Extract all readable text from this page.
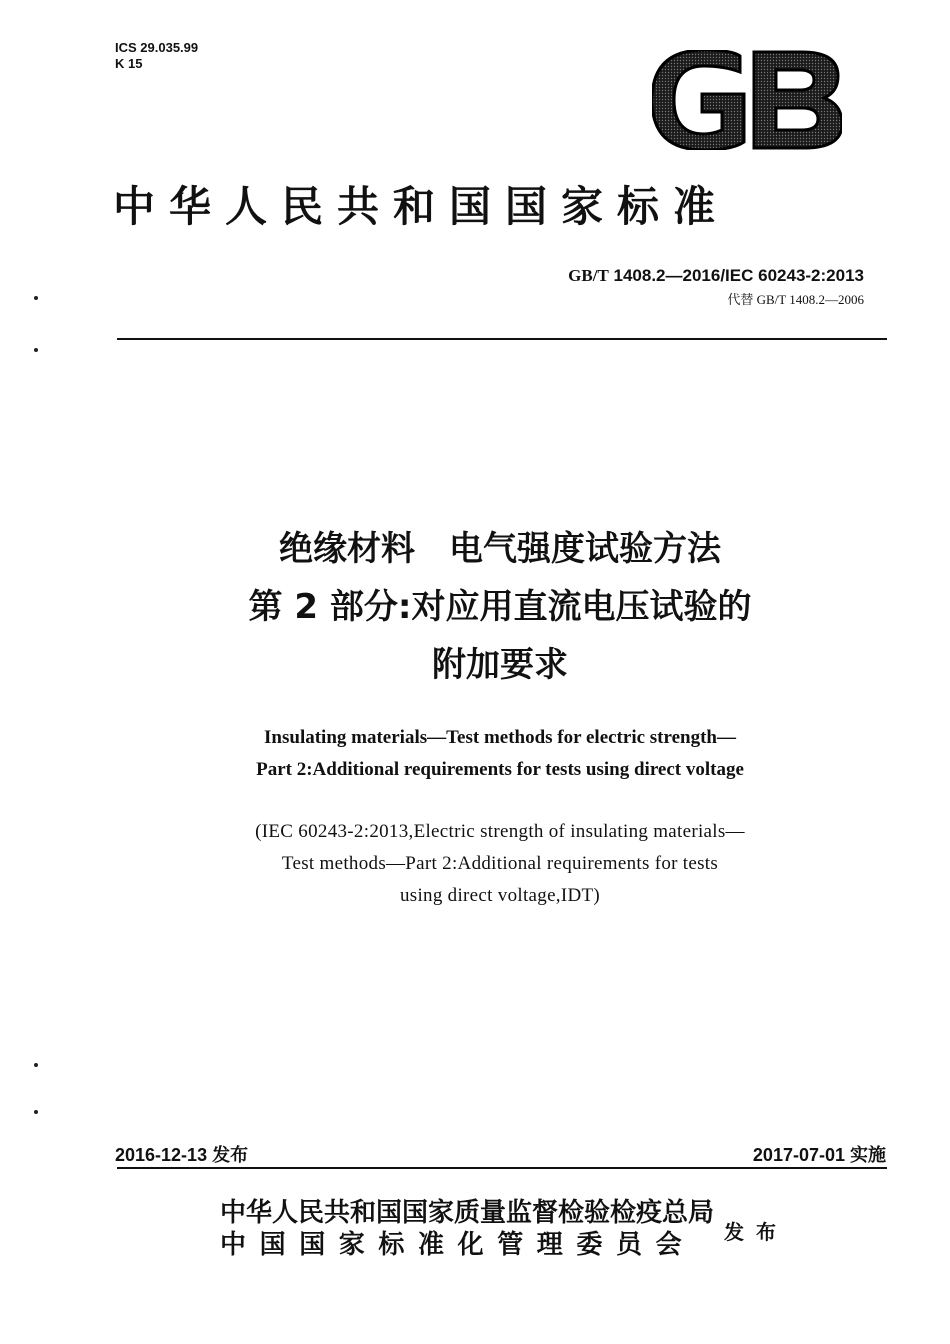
ICS 29.035.99
K 15
中华人民共和国国家标准
GB/T 1408.2—2016/IEC 60243-2:2013
代替 GB/T 1408.2—2006
绝缘材料　电气强度试验方法
第 2 部分:对应用直流电压试验的
附加要求
Insulating materials—Test methods for electric strength—
Part 2:Additional requirements for tests using direct voltage
(IEC 60243-2:2013,Electric strength of insulating materials—
Test methods—Part 2:Additional requirements for tests
using direct voltage,IDT)
2016-12-13 发布	2017-07-01 实施
中华人民共和国国家质量监督检验检疫总局
中国国家标准化管理委员会 发布
